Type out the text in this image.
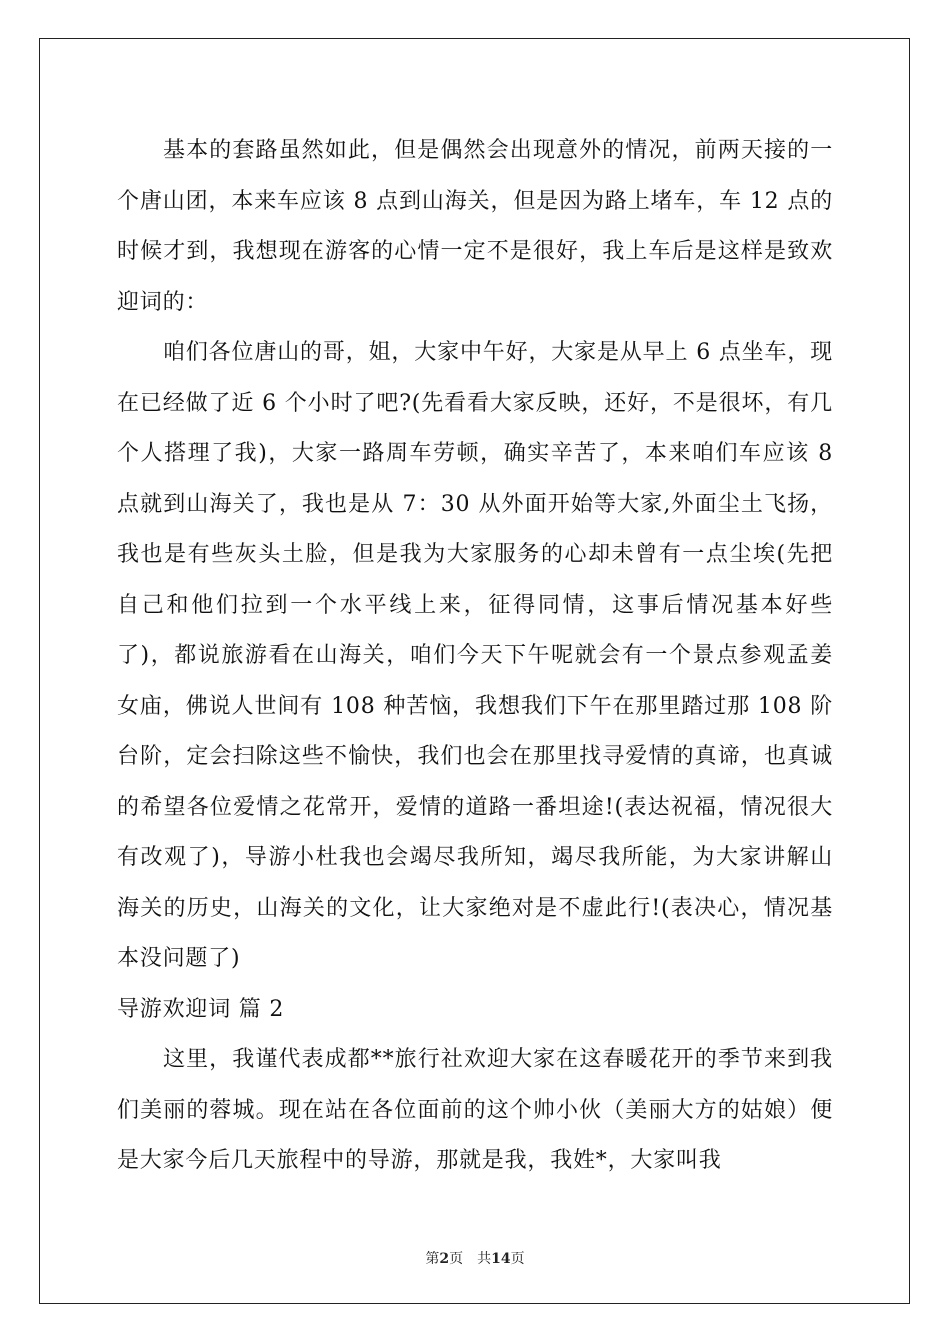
基本的套路虽然如此，但是偶然会出现意外的情况，前两天接的一个唐山团，本来车应该 8 点到山海关，但是因为路上堵车，车 12 点的时候才到，我想现在游客的心情一定不是很好，我上车后是这样是致欢迎词的：

咱们各位唐山的哥，姐，大家中午好，大家是从早上 6 点坐车，现在已经做了近 6 个小时了吧?(先看看大家反映，还好，不是很坏，有几个人搭理了我)，大家一路周车劳顿，确实辛苦了，本来咱们车应该 8 点就到山海关了，我也是从 7：30 从外面开始等大家,外面尘土飞扬，我也是有些灰头土脸，但是我为大家服务的心却未曾有一点尘埃(先把自己和他们拉到一个水平线上来，征得同情，这事后情况基本好些了)，都说旅游看在山海关，咱们今天下午呢就会有一个景点参观孟姜女庙，佛说人世间有 108 种苦恼，我想我们下午在那里踏过那 108 阶台阶，定会扫除这些不愉快，我们也会在那里找寻爱情的真谛，也真诚的希望各位爱情之花常开，爱情的道路一番坦途!(表达祝福，情况很大有改观了)，导游小杜我也会竭尽我所知，竭尽我所能，为大家讲解山海关的历史，山海关的文化，让大家绝对是不虚此行!(表决心，情况基本没问题了)

导游欢迎词 篇 2

这里，我谨代表成都**旅行社欢迎大家在这春暖花开的季节来到我们美丽的蓉城。现在站在各位面前的这个帅小伙（美丽大方的姑娘）便是大家今后几天旅程中的导游，那就是我，我姓*，大家叫我

第2页　共14页
